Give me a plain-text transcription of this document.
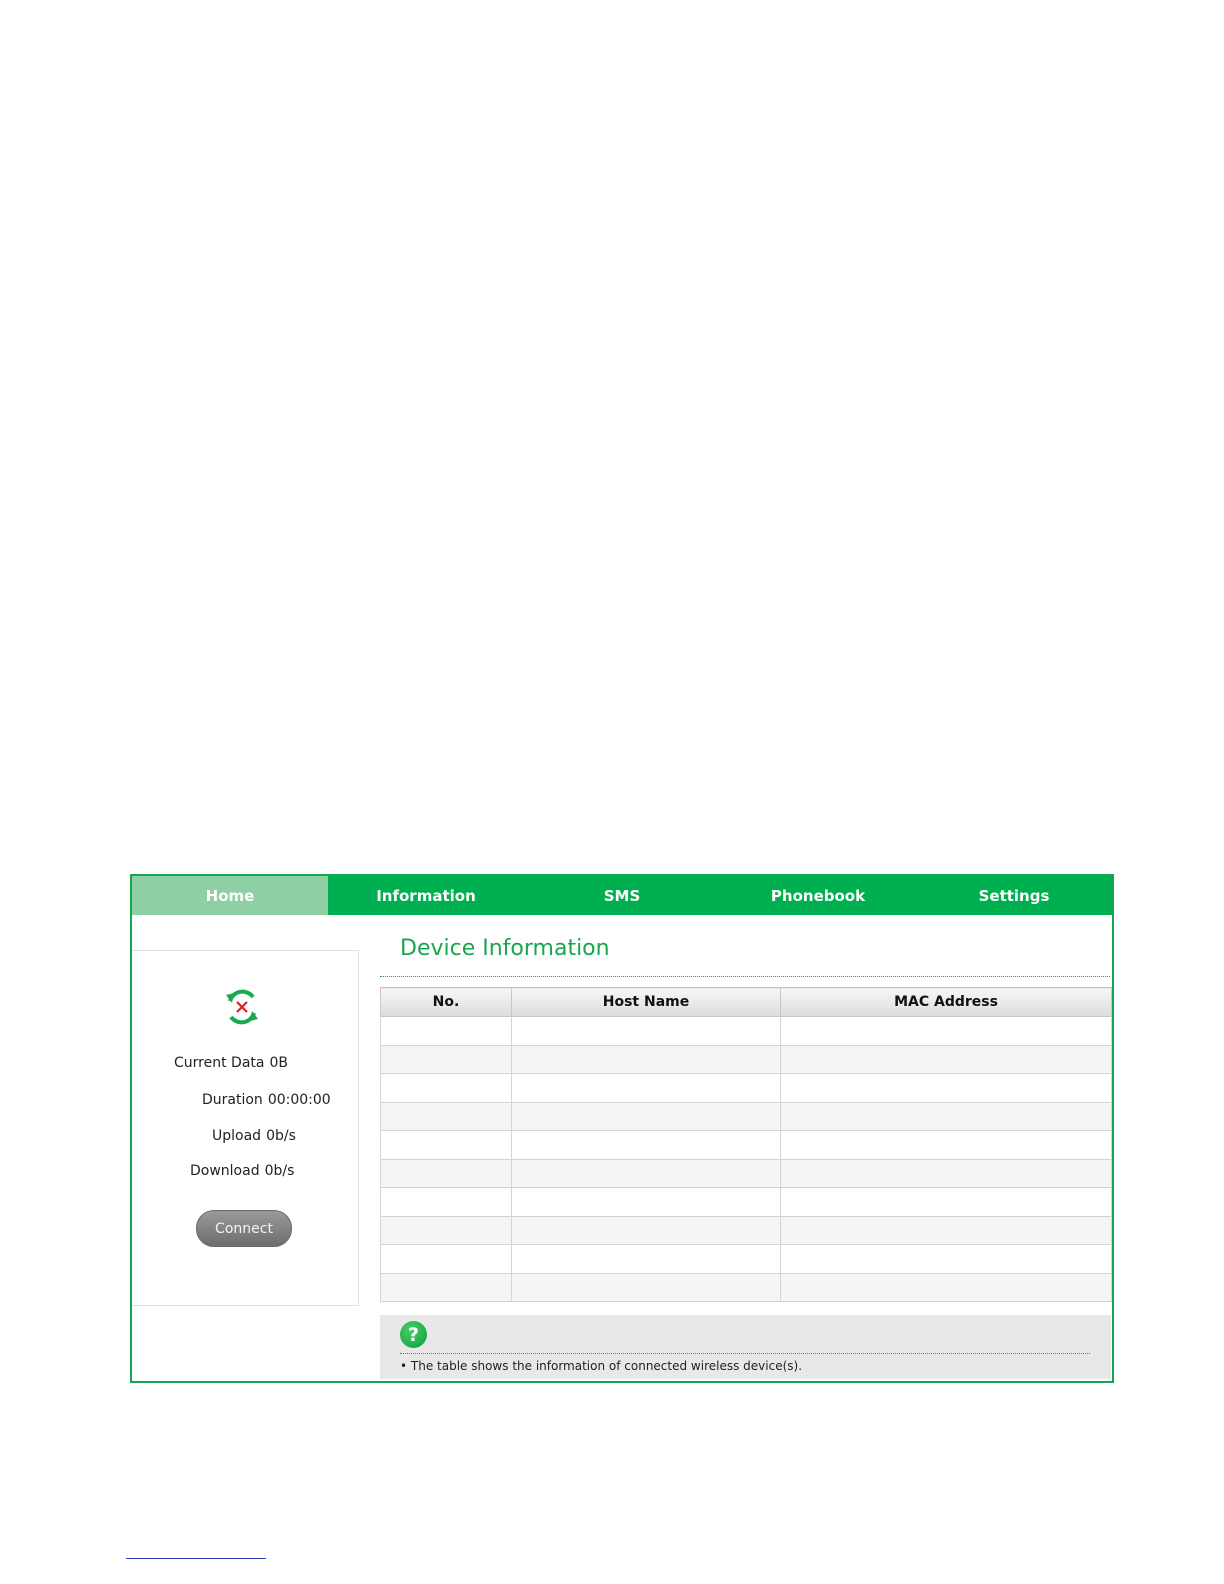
Home	Information	SMS	Phonebook	Settings
Current Data 0B
Duration 00:00:00
Upload 0b/s
Download 0b/s
Connect
Device Information
No.	Host Name	MAC Address

?
• The table shows the information of connected wireless device(s).
